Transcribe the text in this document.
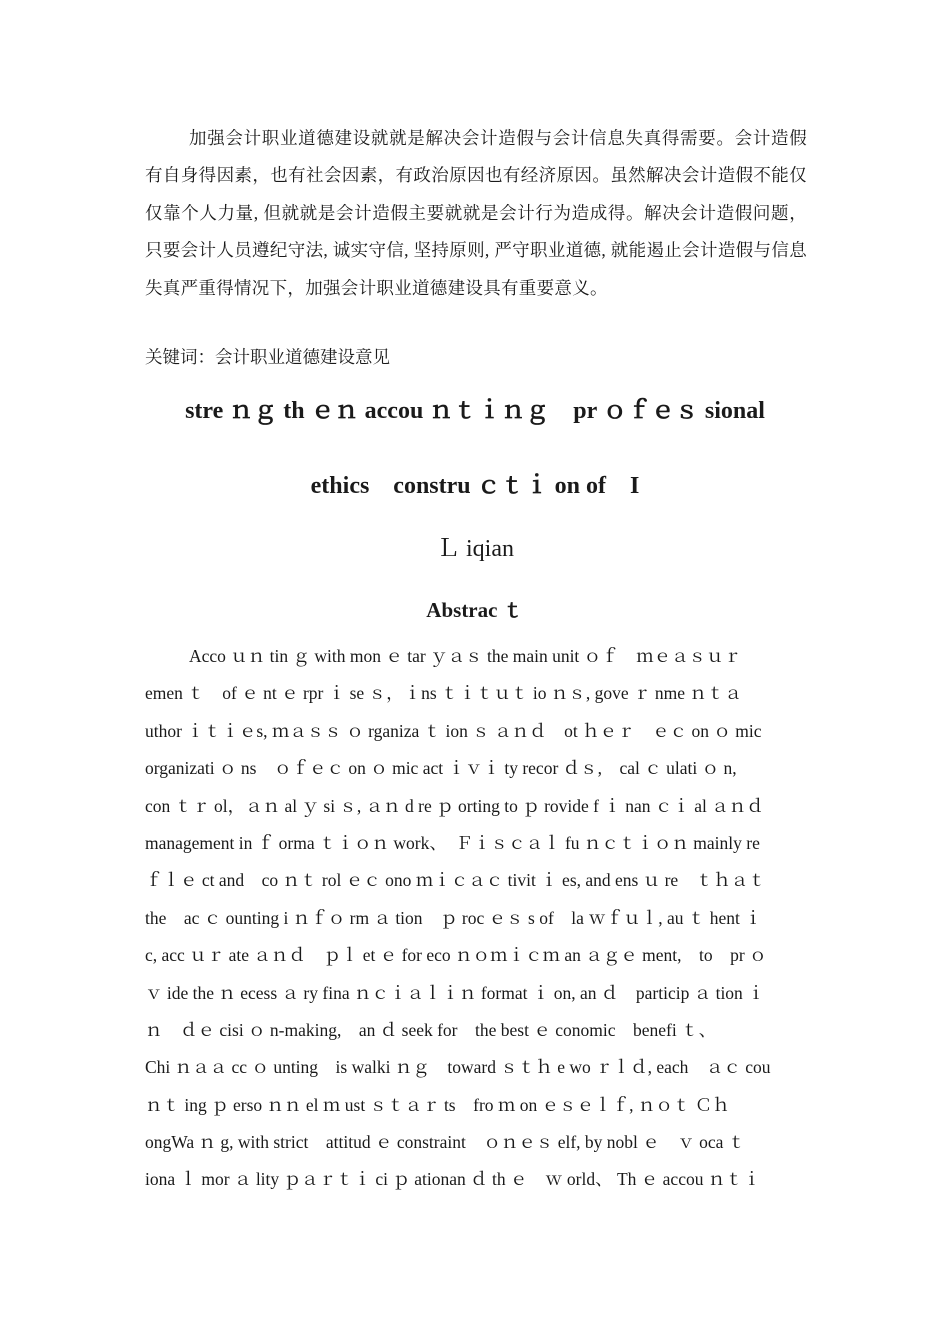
加强会计职业道德建设就就是解决会计造假与会计信息失真得需要。会计造假有自身得因素，也有社会因素，有政治原因也有经济原因。虽然解决会计造假不能仅仅靠个人力量, 但就就是会计造假主要就就是会计行为造成得。解决会计造假问题，只要会计人员遵纪守法, 诚实守信, 坚持原则, 严守职业道德, 就能遏止会计造假与信息失真严重得情况下，加强会计职业道德建设具有重要意义。

关键词：会计职业道德建设意见

stre ｎｇ th ｅｎ accou ｎｔｉｎｇ　pr ｏｆｅｓ sional
ethics　constru ｃｔｉ on of　I

Ｌ iqian

Abstrac ｔ
Acco ｕｎ tin ｇ with mon ｅ tar ｙａｓ the main unit ｏｆ　ｍｅａｓｕｒ
emen ｔ　of ｅ nt ｅ rpr ｉ se ｓ，ｉns ｔｉｔｕｔ io ｎｓ, gove ｒ nme ｎｔａ
uthor ｉｔｉｅs, ｍａｓｓ ｏ rganiza ｔ ion ｓ ａｎｄ　ot ｈｅｒ　ｅｃ on ｏ mic
organizati ｏ ns　ｏｆｅｃ on ｏ mic act ｉｖｉ ty recor ｄｓ,　cal ｃ ulati ｏ n,
con ｔｒ ol，ａｎ al ｙ si ｓ, ａｎ d re ｐ orting to ｐ rovide f ｉ nan ｃｉ al ａｎｄ
management in ｆ orma ｔｉｏｎ work、　Ｆｉｓｃａｌ fu ｎｃｔｉｏｎ mainly re
ｆｌｅ ct and　co ｎｔ rol ｅｃ ono ｍｉｃａｃ tivit ｉ es, and ens ｕ re　ｔｈａｔ
the　ac ｃ ounting i ｎｆｏ rm ａ tion　ｐ roc ｅｓ s of　la ｗｆｕｌ, au ｔ hent ｉ
c, acc ｕｒ ate ａｎｄ　ｐｌ et ｅ for eco ｎｏｍｉｃｍ an ａｇｅ ment,　to　pr ｏ
ｖ ide the ｎ ecess ａ ry fina ｎｃｉａｌｉｎ format ｉ on, an ｄ　particip ａ tion ｉ
ｎ　ｄｅ cisi ｏ n-making,　an ｄ seek for　the best ｅ conomic　benefi ｔ、
Chi ｎａａ cc ｏ unting　is walki ｎｇ　toward ｓｔｈ e wo ｒｌｄ, each　ａｃ cou
ｎｔ ing ｐ erso ｎｎ el ｍ ust ｓｔａｒ ts　fro ｍ on ｅｓｅｌｆ, ｎｏｔ Ｃｈ
ongWa ｎ g, with strict　attitud ｅ constraint　ｏｎｅｓ elf, by nobl ｅ　ｖ oca ｔ
iona ｌ mor ａ lity ｐａｒｔｉ ci ｐ ationan ｄ th ｅ　ｗ orld、 Th ｅ accou ｎｔｉ
